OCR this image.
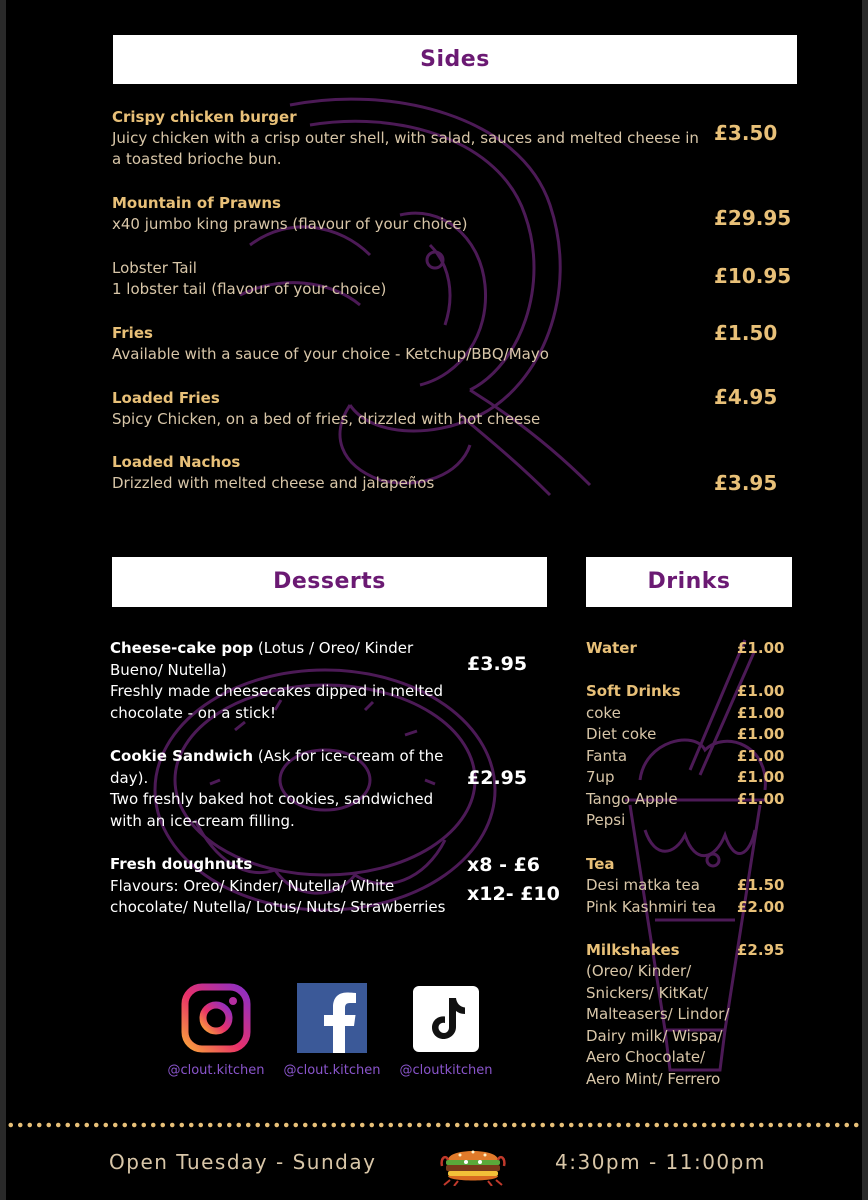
Sides
Crispy chicken burger
Juicy chicken with a crisp outer shell, with salad, sauces and melted cheese in a toasted brioche bun.
£3.50
Mountain of Prawns
x40 jumbo king prawns (flavour of your choice)	£29.95
Lobster Tail
1 lobster tail (flavour of your choice)
£10.95
Fries
Available with a sauce of your choice - Ketchup/BBQ/Mayo
£1.50
Loaded Fries
Spicy Chicken, on a bed of fries, drizzled with hot cheese
£4.95
Loaded Nachos
Drizzled with melted cheese and jalapeños	£3.95
Desserts	Drinks
Cheese-cake pop (Lotus / Oreo/ Kinder Bueno/ Nutella)
Freshly made cheesecakes dipped in melted chocolate - on a stick!
£3.95
Cookie Sandwich (Ask for ice-cream of the day).
Two freshly baked hot cookies, sandwiched with an ice-cream filling.
£2.95
Fresh doughnuts
Flavours: Oreo/ Kinder/ Nutella/ White chocolate/ Nutella/ Lotus/ Nuts/ Strawberries
x8 - £6
x12- £10
Water	£1.00
Soft Drinks	£1.00
coke	£1.00
Diet coke	£1.00
Fanta	£1.00
7up	£1.00
Tango Apple	£1.00
Pepsi
Tea
Desi matka tea £1.50
Pink Kashmiri tea £2.00
Milkshakes	£2.95
(Oreo/ Kinder/
Snickers/ KitKat/
Malteasers/ Lindor/
Dairy milk/ Wispa/
Aero Chocolate/
Aero Mint/ Ferrero
@clout.kitchen	@clout.kitchen	@cloutkitchen
Open Tuesday - Sunday	4:30pm - 11:00pm
